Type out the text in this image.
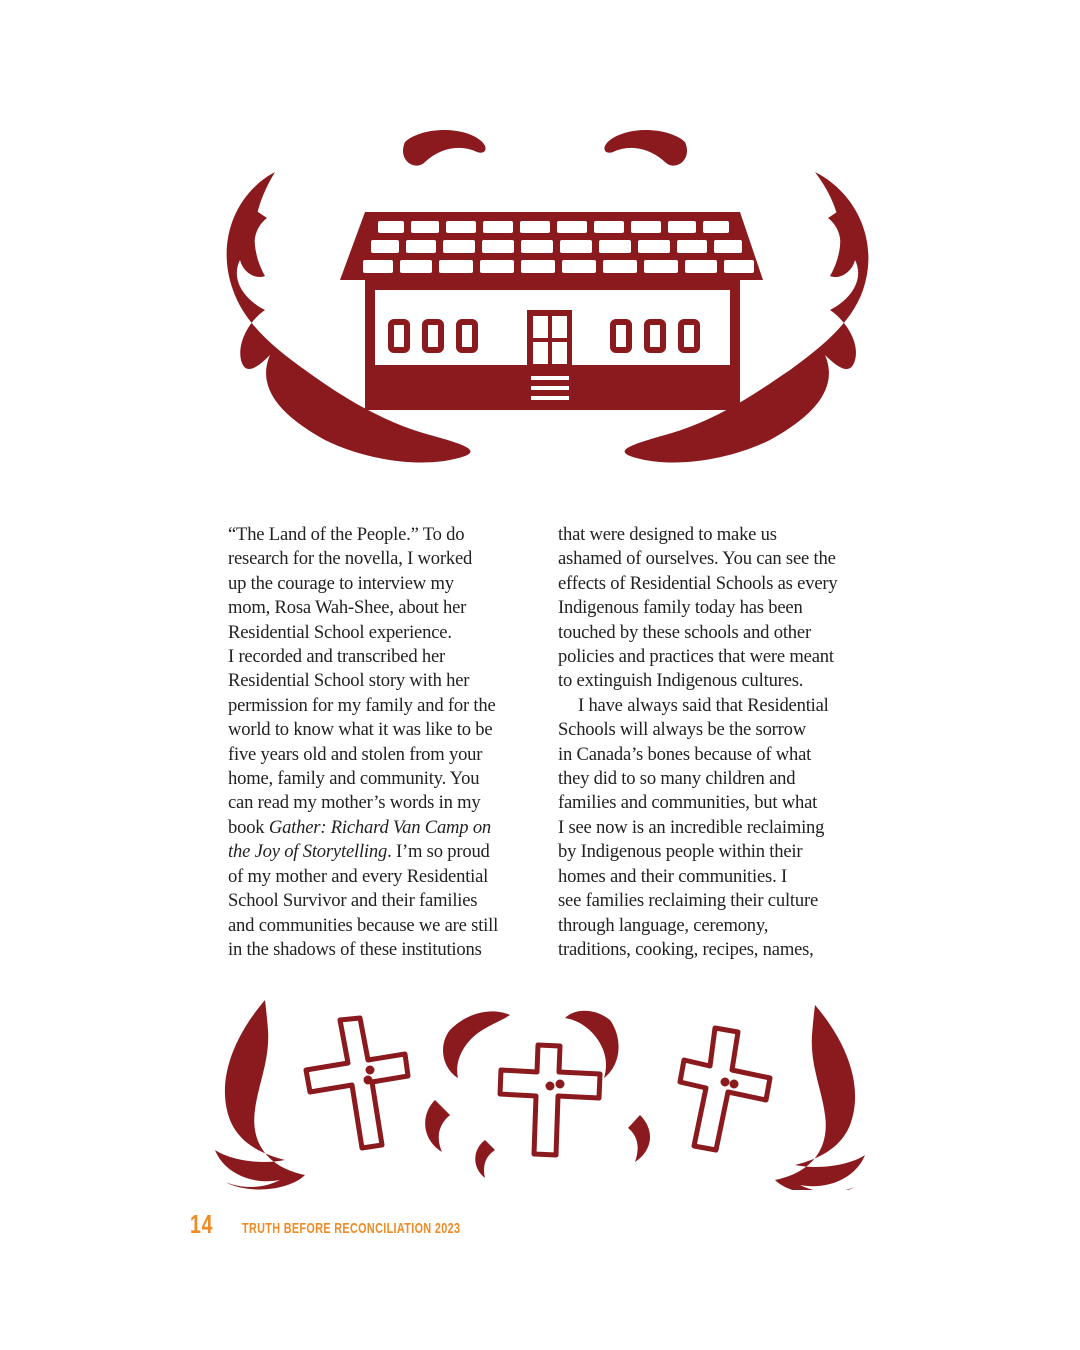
“The Land of the People.” To do
research for the novella, I worked
up the courage to interview my
mom, Rosa Wah-Shee, about her
Residential School experience.
I recorded and transcribed her
Residential School story with her
permission for my family and for the
world to know what it was like to be
five years old and stolen from your
home, family and community. You
can read my mother’s words in my
book Gather: Richard Van Camp on
the Joy of Storytelling. I’m so proud
of my mother and every Residential
School Survivor and their families
and communities because we are still
in the shadows of these institutions
that were designed to make us
ashamed of ourselves. You can see the
effects of Residential Schools as every
Indigenous family today has been
touched by these schools and other
policies and practices that were meant
to extinguish Indigenous cultures.
I have always said that Residential
Schools will always be the sorrow
in Canada’s bones because of what
they did to so many children and
families and communities, but what
I see now is an incredible reclaiming
by Indigenous people within their
homes and their communities. I
see families reclaiming their culture
through language, ceremony,
traditions, cooking, recipes, names,
14 TRUTH BEFORE RECONCILIATION 2023
